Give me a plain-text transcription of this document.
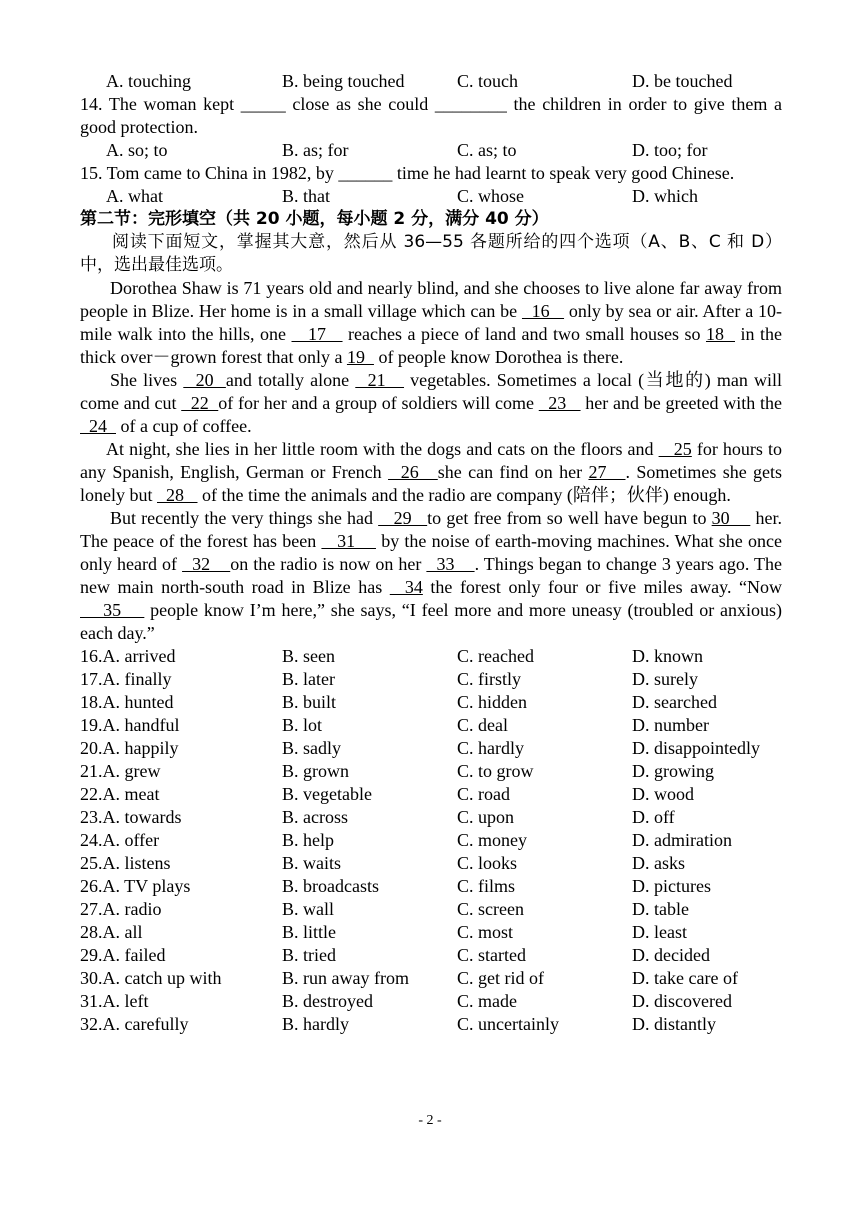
A. touching	B. being touched	C. touch	D. be touched
14. The woman kept _____ close as she could ________ the children in order to give them a good protection.
A. so; to	B. as; for	C. as; to	D. too; for
15. Tom came to China in 1982, by ______ time he had learnt to speak very good Chinese.
A. what	B. that	C. whose	D. which
第二节：完形填空（共 20 小题，每小题 2 分，满分 40 分）
阅读下面短文，掌握其大意，然后从 36—55 各题所给的四个选项（A、B、C 和 D）中，选出最佳选项。
Dorothea Shaw is 71 years old and nearly blind, and she chooses to live alone far away from people in Blize. Her home is in a small village which can be   16    only by sea or air. After a 10-mile walk into the hills, one    17    reaches a piece of land and two small houses so 18   in the thick over－grown forest that only a 19   of people know Dorothea is there.
She lives   20  and totally alone   21    vegetables. Sometimes a local (当地的) man will come and cut   22  of for her and a group of soldiers will come   23    her and be greeted with the   24   of a cup of coffee.
At night, she lies in her little room with the dogs and cats on the floors and    25 for hours to any Spanish, English, German or French   26   she can find on her 27   . Sometimes she gets lonely but   28    of the time the animals and the radio are company (陪伴；伙伴) enough.
But recently the very things she had    29   to get free from so well have begun to 30     her. The peace of the forest has been    31     by the noise of earth-moving machines. What she once only heard of   32    on the radio is now on her   33    . Things began to change 3 years ago. The new main north-south road in Blize has   34 the forest only four or five miles away. “Now     35     people know I’m here,” she says, “I feel more and more uneasy (troubled or anxious) each day.”
16.A. arrived	B. seen	C. reached	D. known
17.A. finally	B. later	C. firstly	D. surely
18.A. hunted	B. built	C. hidden	D. searched
19.A. handful	B. lot	C. deal	D. number
20.A. happily	B. sadly	C. hardly	D. disappointedly
21.A. grew	B. grown	C. to grow	D. growing
22.A. meat	B. vegetable	C. road	D. wood
23.A. towards	B. across	C. upon	D. off
24.A. offer	B. help	C. money	D. admiration
25.A. listens	B. waits	C. looks	D. asks
26.A. TV plays	B. broadcasts	C. films	D. pictures
27.A. radio	B. wall	C. screen	D. table
28.A. all	B. little	C. most	D. least
29.A. failed	B. tried	C. started	D. decided
30.A. catch up with	B. run away from	C. get rid of	D. take care of
31.A. left	B. destroyed	C. made	D. discovered
32.A. carefully	B. hardly	C. uncertainly	D. distantly
- 2 -
